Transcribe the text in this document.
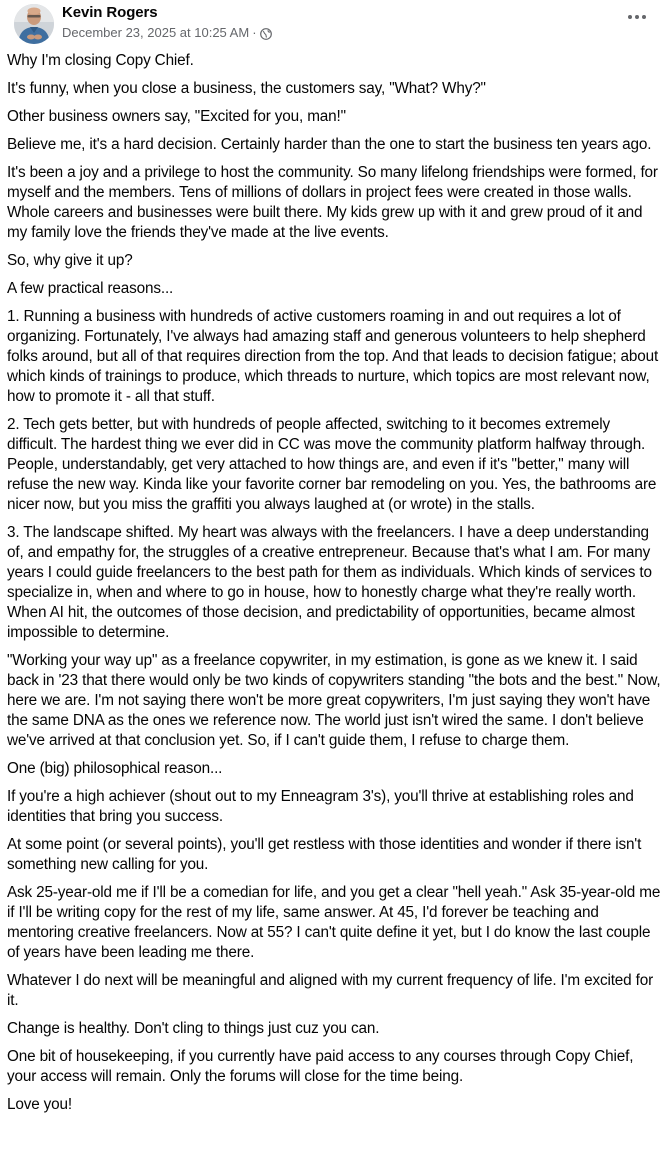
Kevin Rogers
December 23, 2025 at 10:25 AM ·

Why I'm closing Copy Chief.

It's funny, when you close a business, the customers say, "What? Why?"

Other business owners say, "Excited for you, man!"

Believe me, it's a hard decision. Certainly harder than the one to start the business ten years ago.

It's been a joy and a privilege to host the community. So many lifelong friendships were formed, for myself and the members. Tens of millions of dollars in project fees were created in those walls. Whole careers and businesses were built there. My kids grew up with it and grew proud of it and my family love the friends they've made at the live events.

So, why give it up?

A few practical reasons...

1. Running a business with hundreds of active customers roaming in and out requires a lot of organizing. Fortunately, I've always had amazing staff and generous volunteers to help shepherd folks around, but all of that requires direction from the top. And that leads to decision fatigue; about which kinds of trainings to produce, which threads to nurture, which topics are most relevant now, how to promote it - all that stuff.

2. Tech gets better, but with hundreds of people affected, switching to it becomes extremely difficult. The hardest thing we ever did in CC was move the community platform halfway through. People, understandably, get very attached to how things are, and even if it's "better," many will refuse the new way. Kinda like your favorite corner bar remodeling on you. Yes, the bathrooms are nicer now, but you miss the graffiti you always laughed at (or wrote) in the stalls.

3. The landscape shifted. My heart was always with the freelancers. I have a deep understanding of, and empathy for, the struggles of a creative entrepreneur. Because that's what I am. For many years I could guide freelancers to the best path for them as individuals. Which kinds of services to specialize in, when and where to go in house, how to honestly charge what they're really worth. When AI hit, the outcomes of those decision, and predictability of opportunities, became almost impossible to determine.

"Working your way up" as a freelance copywriter, in my estimation, is gone as we knew it. I said back in '23 that there would only be two kinds of copywriters standing "the bots and the best." Now, here we are. I'm not saying there won't be more great copywriters, I'm just saying they won't have the same DNA as the ones we reference now. The world just isn't wired the same. I don't believe we've arrived at that conclusion yet. So, if I can't guide them, I refuse to charge them.

One (big) philosophical reason...

If you're a high achiever (shout out to my Enneagram 3's), you'll thrive at establishing roles and identities that bring you success.

At some point (or several points), you'll get restless with those identities and wonder if there isn't something new calling for you.

Ask 25-year-old me if I'll be a comedian for life, and you get a clear "hell yeah." Ask 35-year-old me if I'll be writing copy for the rest of my life, same answer. At 45, I'd forever be teaching and mentoring creative freelancers. Now at 55? I can't quite define it yet, but I do know the last couple of years have been leading me there.

Whatever I do next will be meaningful and aligned with my current frequency of life. I'm excited for it.

Change is healthy. Don't cling to things just cuz you can.

One bit of housekeeping, if you currently have paid access to any courses through Copy Chief, your access will remain. Only the forums will close for the time being.

Love you!
